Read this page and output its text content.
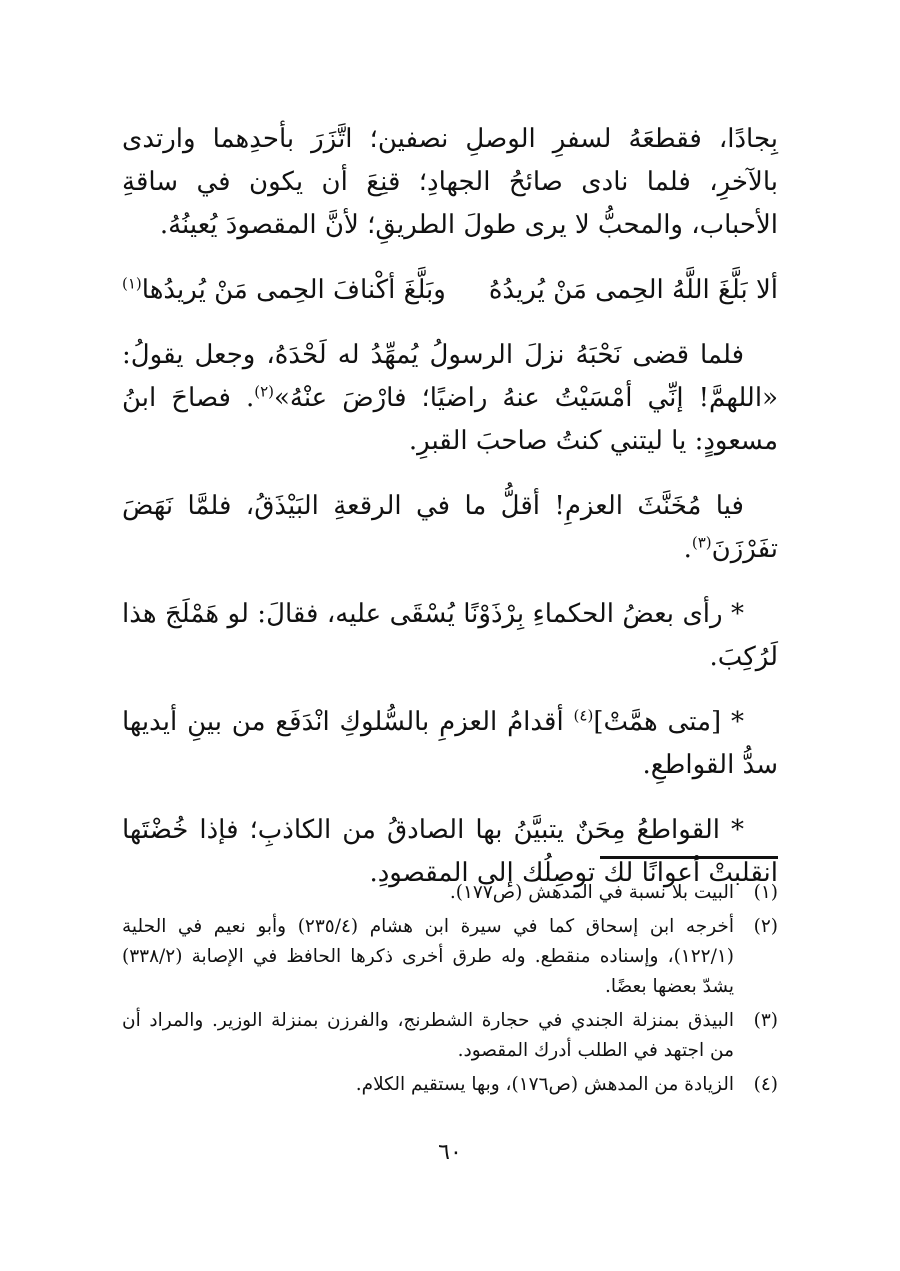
بِجادًا، فقطعَهُ لسفرِ الوصلِ نصفين؛ اتَّزَرَ بأحدِهما وارتدى بالآخرِ، فلما نادى صائحُ الجهادِ؛ قنِعَ أن يكون في ساقةِ الأحباب، والمحبُّ لا يرى طولَ الطريقِ؛ لأنَّ المقصودَ يُعينُهُ.

ألا بَلَّغَ اللَّهُ الحِمى مَنْ يُريدُهُ
وبَلَّغَ أكْنافَ الحِمى مَنْ يُريدُها$^{(١)}$

فلما قضى نَحْبَهُ نزلَ الرسولُ يُمهِّدُ له لَحْدَهُ، وجعل يقولُ: «اللهمَّ! إنِّي أمْسَيْتُ عنهُ راضيًا؛ فارْضَ عنْهُ»$^{(٢)}$. فصاحَ ابنُ مسعودٍ: يا ليتني كنتُ صاحبَ القبرِ.

فيا مُخَنَّثَ العزمِ! أقلُّ ما في الرقعةِ البَيْذَقُ، فلمَّا نَهَضَ تفَرْزَنَ$^{(٣)}$.

* رأى بعضُ الحكماءِ بِرْذَوْنًا يُسْقَى عليه، فقالَ: لو هَمْلَجَ هذا لَرُكِبَ.

* [متى همَّتْ]$^{(٤)}$ أقدامُ العزمِ بالسُّلوكِ انْدَفَع من بينِ أيديها سدُّ القواطعِ.

* القواطعُ مِحَنٌ يتبيَّنُ بها الصادقُ من الكاذبِ؛ فإذا خُضْتَها انقلبتْ أعوانًا لك توصِلُك إلى المقصودِ.

(١)
البيت بلا نسبة في المدهش (ص١٧٧).
(٢)
أخرجه ابن إسحاق كما في سيرة ابن هشام (٢٣٥/٤) وأبو نعيم في الحلية (١٢٢/١)، وإسناده منقطع. وله طرق أخرى ذكرها الحافظ في الإصابة (٣٣٨/٢) يشدّ بعضها بعضًا.
(٣)
البيذق بمنزلة الجندي في حجارة الشطرنج، والفرزن بمنزلة الوزير. والمراد أن من اجتهد في الطلب أدرك المقصود.
(٤)
الزيادة من المدهش (ص١٧٦)، وبها يستقيم الكلام.
٦٠
